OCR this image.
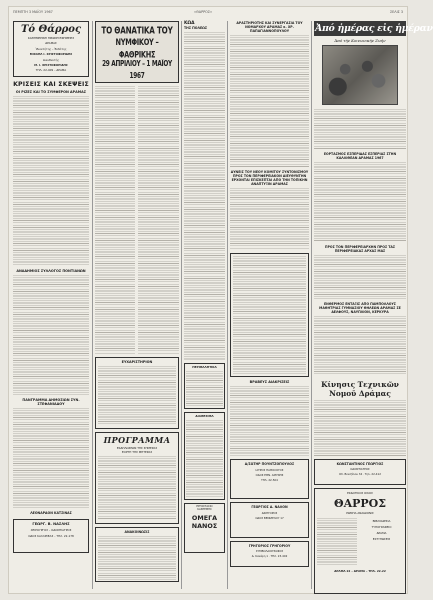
ΠΕΜΠΤΗ 3 ΜΑΪΟΥ 1967	«ΘΑΡΡΟΣ»	ΣΕΛΙΣ 3
Τό Θάρρος
ΚΑΘΗΜΕΡΙΝΗ ΠΡΩΙΝΗ ΕΦΗΜΕΡΙΣ
ΔΡΑΜΑΣ
Ἰδιοκτήτης – Ἐκδότης
ΜΙΧΑΗΛ Ι. ΧΡΙΣΤΟΦΟΡΙΔΗΣ
Διευθυντής
Μ. Ι. ΧΡΙΣΤΟΦΟΡΙΔΗΣ
ΤΗΛ. 22-409 – ΔΡΑΜΑ
ΚΡΙΣΕΙΣ ΚΑΙ ΣΚΕΨΕΙΣ
ΟΙ ΡΙΖΕΣ ΚΑΙ ΤΟ ΣΥΜΦΕΡΟΝ ΔΡΑΜΑΣ
ΑΝΑΔΗΜΙΟΣ ΣΥΛΛΟΓΟΣ ΠΟΝΤΙΑΝΩΝ
ΠΑΝΓΡΑΜΜΑ ΔΗΜΟΣΙΩΝ ΣΥΝ. ΣΤΕΦΑΝΙΑΔΟΥ
ΛΕΟΝΑΡΔΟΝ ΚΑΤΣΙΝΑΣ
ΓΕΩΡΓ. Β. ΝΑΣΛΗΣ
ΧΕΙΡΟΥΡΓΟΣ – ΟΔΟΝΤΙΑΤΡΟΣ
ΟΔΟΣ ΚΑΛΛΙΘΕΑΣ – ΤΗΛ. 22-178
ΤΟ ΘΑΝΑΤΙΚΑ ΤΟΥ
ΝΥΜΦΙΚΟΥ – ΦΑΘΡΙΚΗΣ
29 ΑΠΡΙΛΙΟΥ – 1 ΜΑΪΟΥ 1967
ΕΥΧΑΡΙΣΤΗΡΙΟΝ
ΠΡΟΓΡΑΜΜΑ
ΕΚΔΗΛΩΣΕΩΝ ΤΗΣ ΣΗΜΕΡΑΣ
ΕΟΡΤΗ ΤΗΣ ΜΗΤΕΡΑΣ
ΑΝΑΚΟΙΝΩΣΙΣ
ΚΩΔ
ΤΗΣ ΠΟΛΕΩΣ
ΠΕΡΙΘΑΛΠΤΙΚΑ
ΔΙΑΘΕΣΙΜΑ
ΕΡΓΟΣΤΑΣΙΟ
ΚΑΝΤΕΜΗΣ
ΟΜΕΓΑ
ΝΑΝΟΣ
ΔΡΑΣΤΗΡΙΟΤΗΣ ΚΑΙ ΣΥΝΕΡΓΑΣΙΑ ΤΟΥ ΝΟΜΑΡΧΟΥ ΔΡΑΜΑΣ κ. ΧΡ. ΠΑΠΑΓΙΑΝΝΟΠΟΥΛΟΥ
ΔΥΝΕΙΣ ΤΟΥ ΝΕΟΥ ΚΟΜΙΤΟΥ ΣΥΝΤΟΝΙΣΜΟΥ ΠΡΟΣ ΤΟΝ ΠΕΡΙΦΕΡΕΙΑΚΟΝ ΔΙΕΥΘΥΝΤΗΝ
ΕΡΧΟΝΤΑΙ ΕΠΙΣΚΕΠΤΑΙ ΑΠΟ ΤΗΝ ΤΟΠΙΚΗΝ ΑΝΑΠΤΥΞΙΝ ΔΡΑΜΑΣ
ΒΡΑΒΕΥΣ ΔΙΑΚΡΙΣΕΙΣ
Δ/ΣΩΤΗΡ ΠΟΥΝΤΖΟΠΟΥΛΟΣ
ΙΑΤΡΟΣ ΠΑΘΟΛΟΓΟΣ
ΟΔΟΣ ΕΘΝ. ΑΜΥΝΗΣ
ΤΗΛ. 22-504
ΓΕΩΡΓΙΟΣ Δ. ΝΑΛΟΝ
ΔΙΚΗΓΟΡΟΣ
ΟΔΟΣ ΒΕΝΙΖΕΛΟΥ 17
ΓΡΗΓΟΡΙΟΣ ΓΡΗΓΟΡΙΟΥ
ΣΥΜΒΟΛΑΙΟΓΡΑΦΟΣ
Δ. Κανάρη 1 · ΤΗΛ. 23-402
Ἀπό ἡμέρας εἰς ἡμέραν
Ἀπό τήν Κοινωνικήν Ζωήν
ΕΟΡΤΑΣΜΟΣ ΕΣΠΕΡΙΔΑΣ ΕΣΠΕΡΙΑΣ ΣΤΗΝ ΚΑΛΛΙΘΕΑΝ ΔΡΑΜΑΣ 1967
ΠΡΟΣ ΤΟΝ ΠΕΡΙΦΕΡΕΙΑΡΧΗΝ ΠΡΟΣ ΤΑΣ ΠΕΡΙΦΕΡΕΙΑΚΑΣ ΑΡΧΑΣ ΜΑΣ
ΕΝΘΕΡΜΟΣ ΕΝΤΑΞΙΣ ΑΠΟ ΠΑΜΠΟΛΛΟΥΣ ΜΑΘΗΤΡΙΑΣ ΓΥΜΝΑΣΙΟΥ ΘΗΛΕΩΝ ΔΡΑΜΑΣ ΣΕ ΔΕΛΦΟΥΣ, ΝΑΥΠΛΙΟΝ, ΚΕΡΚΥΡΑ
Κίνησις Τεχνικῶν
Νομοῦ Δράμας
ΚΩΝΣΤΑΝΤΙΝΟΣ ΓΕΩΡΓΙΟΣ
ΟΔΟΝΤΙΑΤΡΟΣ
Οδ. Βενιζέλου 34 · Τηλ. 22-412
ΕΚΔΟΤΙΚΟΣ ΟΙΚΟΣ
ΘΑΡΡΟΣ
ΡΩΜΗΑ ΑΝΑΙΔΙΟΝΙΣ
ΒΙΒΛΙΟΔΕΣΙΑ
ΤΥΠΟΓΡΑΦΕΙΟ
ΔΡΑΜΑ
ΕΚΤΥΠΩΣΕΙΣ
ΔΡΑΜΑ 22 – ΔΡΑΜΑ – ΤΗΛ. 22-22
